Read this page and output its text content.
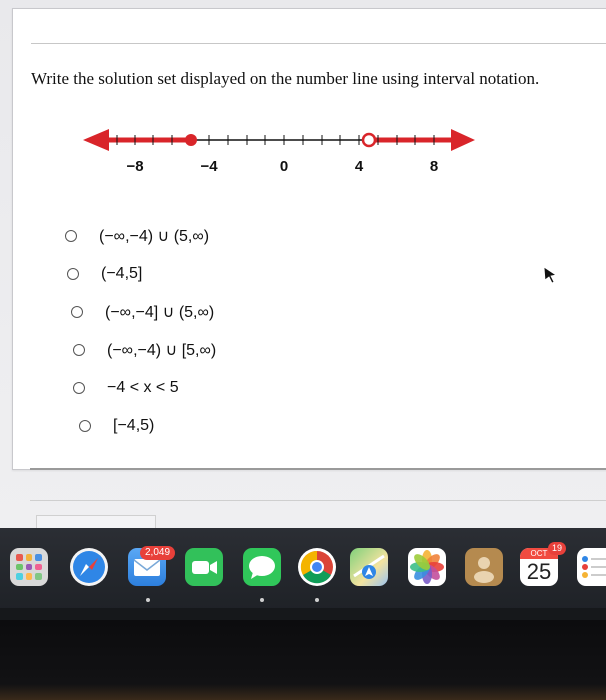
Write the solution set displayed on the number line using interval notation.
−8	−4	0	4	8
(−∞,−4) ∪ (5,∞)
(−4,5]
(−∞,−4] ∪ (5,∞)
(−∞,−4) ∪ [5,∞)
−4 < x < 5
[−4,5)
2,049	OCT
19
25
